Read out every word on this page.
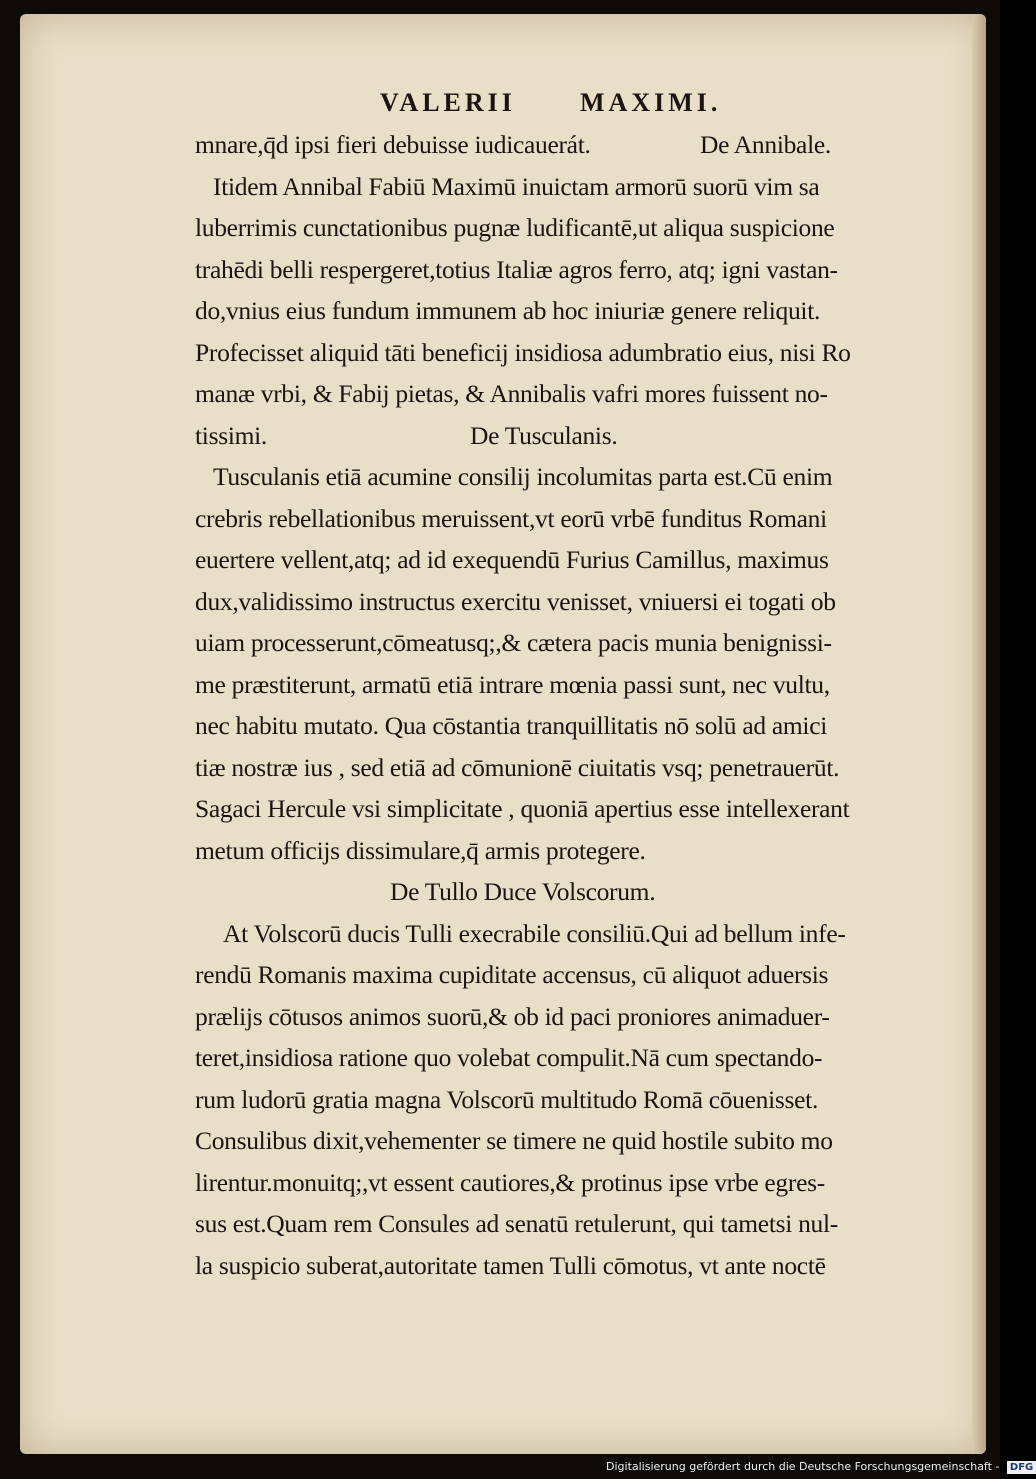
VALERII MAXIMI.
mnare,q̄d ipsi fieri debuisse iudicauerát.	De Annibale.
Itidem Annibal Fabiū Maximū inuictam armorū suorū vim sa
luberrimis cunctationibus pugnæ ludificantē,ut aliqua suspicione
trahēdi belli respergeret,totius Italiæ agros ferro, atq; igni vastan-
do,vnius eius fundum immunem ab hoc iniuriæ genere reliquit.
Profecisset aliquid tāti beneficij insidiosa adumbratio eius, nisi Ro
manæ vrbi, & Fabij pietas, & Annibalis vafri mores fuissent no-
tissimi.	De Tusculanis.
Tusculanis etiā acumine consilij incolumitas parta est.Cū enim
crebris rebellationibus meruissent,vt eorū vrbē funditus Romani
euertere vellent,atq; ad id exequendū Furius Camillus, maximus
dux,validissimo instructus exercitu venisset, vniuersi ei togati ob
uiam processerunt,cōmeatusq;,& cætera pacis munia benignissi-
me præstiterunt, armatū etiā intrare mœnia passi sunt, nec vultu,
nec habitu mutato. Qua cōstantia tranquillitatis nō solū ad amici
tiæ nostræ ius , sed etiā ad cōmunionē ciuitatis vsq; penetrauerūt.
Sagaci Hercule vsi simplicitate , quoniā apertius esse intellexerant
metum officijs dissimulare,q̄ armis protegere.
De Tullo Duce Volscorum.
At Volscorū ducis Tulli execrabile consiliū.Qui ad bellum infe-
rendū Romanis maxima cupiditate accensus, cū aliquot aduersis
prælijs cōtusos animos suorū,& ob id paci proniores animaduer-
teret,insidiosa ratione quo volebat compulit.Nā cum spectando-
rum ludorū gratia magna Volscorū multitudo Romā cōuenisset.
Consulibus dixit,vehementer se timere ne quid hostile subito mo
lirentur.monuitq;,vt essent cautiores,& protinus ipse vrbe egres-
sus est.Quam rem Consules ad senatū retulerunt, qui tametsi nul-
la suspicio suberat,autoritate tamen Tulli cōmotus, vt ante noctē
Digitalisierung gefördert durch die Deutsche Forschungsgemeinschaft - DFG
